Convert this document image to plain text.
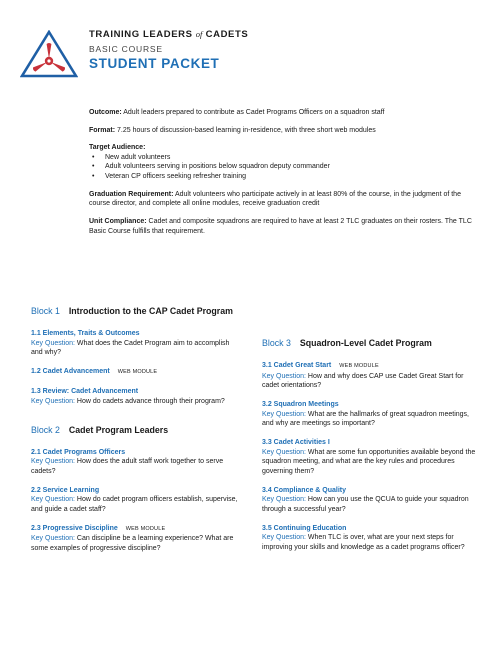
TRAINING LEADERS of CADETS
BASIC COURSE
STUDENT PACKET

Outcome: Adult leaders prepared to contribute as Cadet Programs Officers on a squadron staff

Format: 7.25 hours of discussion-based learning in-residence, with three short web modules

Target Audience:

• New adult volunteers
• Adult volunteers serving in positions below squadron deputy commander
• Veteran CP officers seeking refresher training

Graduation Requirement: Adult volunteers who participate actively in at least 80% of the course, in the judgment of the course director, and complete all online modules, receive graduation credit

Unit Compliance: Cadet and composite squadrons are required to have at least 2 TLC graduates on their rosters. The TLC Basic Course fulfills that requirement.

Block 1 Introduction to the CAP Cadet Program
1.1 Elements, Traits & Outcomes
Key Question: What does the Cadet Program aim to accomplish and why?
1.2 Cadet Advancement WEB MODULE
1.3 Review: Cadet Advancement
Key Question: How do cadets advance through their program?
Block 2 Cadet Program Leaders
2.1 Cadet Programs Officers
Key Question: How does the adult staff work together to serve cadets?
2.2 Service Learning
Key Question: How do cadet program officers establish, supervise, and guide a cadet staff?
2.3 Progressive Discipline WEB MODULE
Key Question: Can discipline be a learning experience? What are some examples of progressive discipline?
Block 3 Squadron-Level Cadet Program
3.1 Cadet Great Start WEB MODULE
Key Question: How and why does CAP use Cadet Great Start for cadet orientations?
3.2 Squadron Meetings
Key Question: What are the hallmarks of great squadron meetings, and why are meetings so important?
3.3 Cadet Activities I
Key Question: What are some fun opportunities available beyond the squadron meeting, and what are the key rules and procedures governing them?
3.4 Compliance & Quality
Key Question: How can you use the QCUA to guide your squadron through a successful year?
3.5 Continuing Education
Key Question: When TLC is over, what are your next steps for improving your skills and knowledge as a cadet programs officer?
